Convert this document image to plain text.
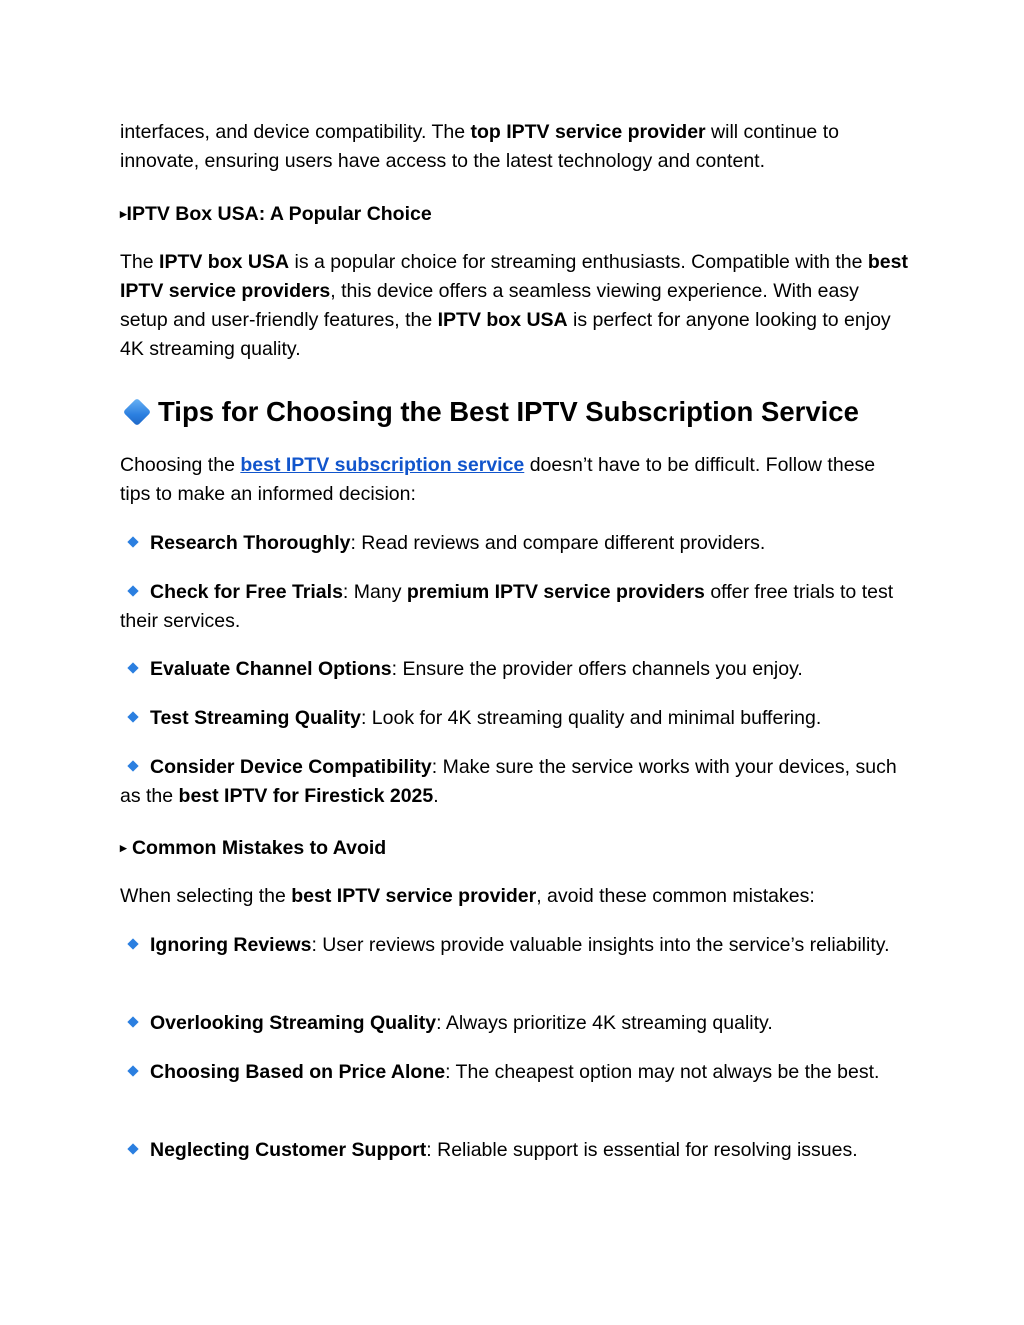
interfaces, and device compatibility. The top IPTV service provider will continue to innovate, ensuring users have access to the latest technology and content.

▸IPTV Box USA: A Popular Choice

The IPTV box USA is a popular choice for streaming enthusiasts. Compatible with the best IPTV service providers, this device offers a seamless viewing experience. With easy setup and user-friendly features, the IPTV box USA is perfect for anyone looking to enjoy 4K streaming quality.

Tips for Choosing the Best IPTV Subscription Service

Choosing the best IPTV subscription service doesn’t have to be difficult. Follow these tips to make an informed decision:

Research Thoroughly: Read reviews and compare different providers.

Check for Free Trials: Many premium IPTV service providers offer free trials to test their services.

Evaluate Channel Options: Ensure the provider offers channels you enjoy.

Test Streaming Quality: Look for 4K streaming quality and minimal buffering.

Consider Device Compatibility: Make sure the service works with your devices, such as the best IPTV for Firestick 2025.

▸ Common Mistakes to Avoid

When selecting the best IPTV service provider, avoid these common mistakes:

Ignoring Reviews: User reviews provide valuable insights into the service’s reliability.

Overlooking Streaming Quality: Always prioritize 4K streaming quality.

Choosing Based on Price Alone: The cheapest option may not always be the best.

Neglecting Customer Support: Reliable support is essential for resolving issues.
